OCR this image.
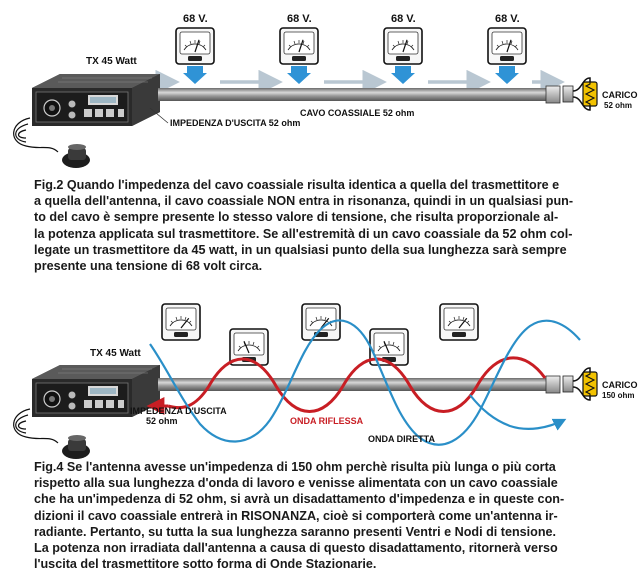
68 V.	68 V.	68 V.	68 V.
TX 45 Watt
CAVO COASSIALE 52 ohm
IMPEDENZA D'USCITA 52 ohm
CARICO
52 ohm
TX 45 Watt
CARICO
150 ohm
IMPEDENZA D'USCITA
52 ohm	ONDA RIFLESSA
ONDA DIRETTA
Fig.2 Quando l'impedenza del cavo coassiale risulta identica a quella del trasmettitore e
a quella dell'antenna, il cavo coassiale NON entra in risonanza, quindi in un qualsiasi pun-
to del cavo è sempre presente lo stesso valore di tensione, che risulta proporzionale al-
la potenza applicata sul trasmettitore. Se all'estremità di un cavo coassiale da 52 ohm col-
legate un trasmettitore da 45 watt, in un qualsiasi punto della sua lunghezza sarà sempre
presente una tensione di 68 volt circa.
Fig.4 Se l'antenna avesse un'impedenza di 150 ohm perchè risulta più lunga o più corta
rispetto alla sua lunghezza d'onda di lavoro e venisse alimentata con un cavo coassiale
che ha un'impedenza di 52 ohm, si avrà un disadattamento d'impedenza e in queste con-
dizioni il cavo coassiale entrerà in RISONANZA, cioè si comporterà come un'antenna ir-
radiante. Pertanto, su tutta la sua lunghezza saranno presenti Ventri e Nodi di tensione.
La potenza non irradiata dall'antenna a causa di questo disadattamento, ritornerà verso
l'uscita del trasmettitore sotto forma di Onde Stazionarie.
